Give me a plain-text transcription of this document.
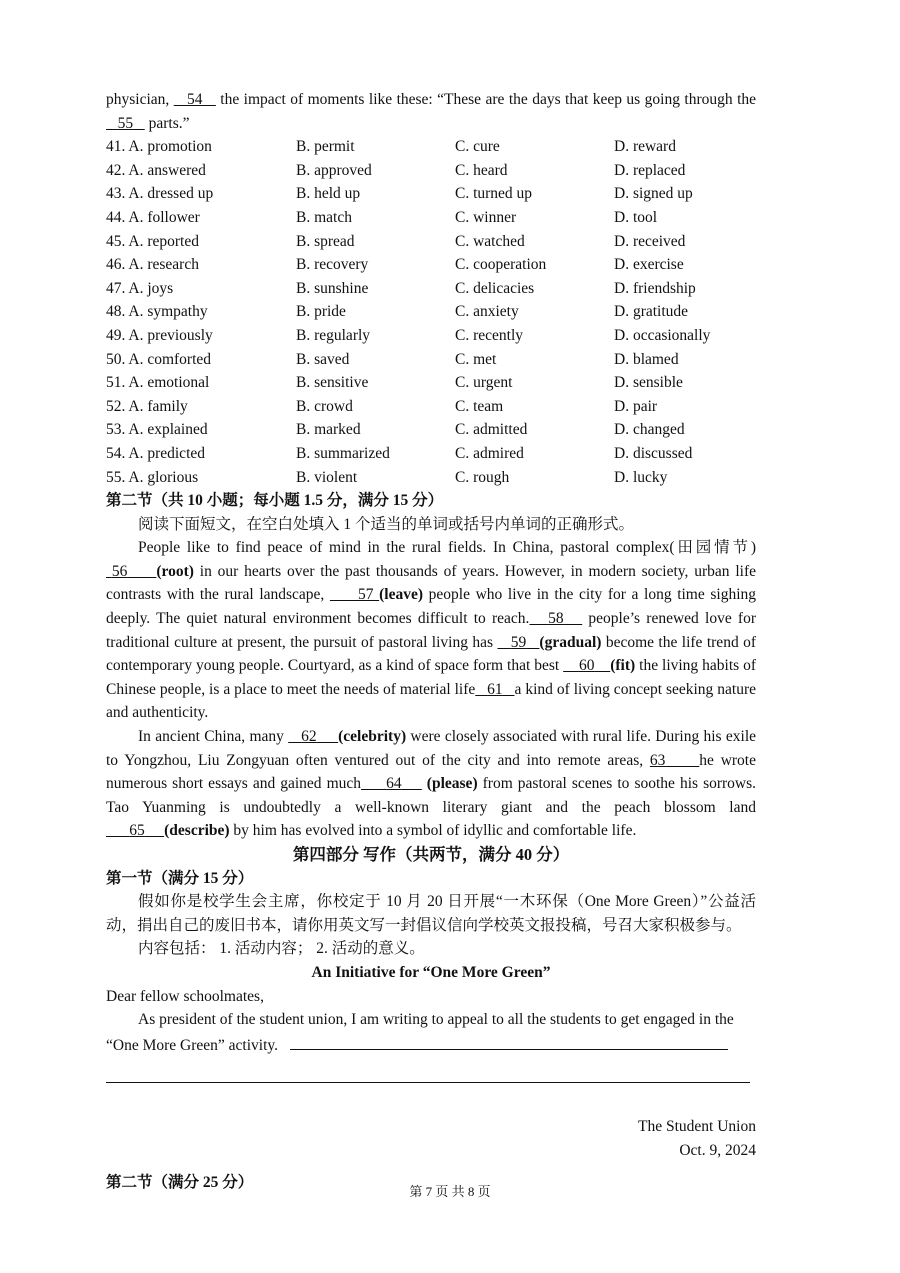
physician,    54    the impact of moments like these: “These are the days that keep us going through the    55    parts.”

41. A. promotion	B. permit	C. cure	D. reward
42. A. answered	B. approved	C. heard	D. replaced
43. A. dressed up	B. held up	C. turned up	D. signed up
44. A. follower	B. match	C. winner	D. tool
45. A. reported	B. spread	C. watched	D. received
46. A. research	B. recovery	C. cooperation	D. exercise
47. A. joys	B. sunshine	C. delicacies	D. friendship
48. A. sympathy	B. pride	C. anxiety	D. gratitude
49. A. previously	B. regularly	C. recently	D. occasionally
50. A. comforted	B. saved	C. met	D. blamed
51. A. emotional	B. sensitive	C. urgent	D. sensible
52. A. family	B. crowd	C. team	D. pair
53. A. explained	B. marked	C. admitted	D. changed
54. A. predicted	B. summarized	C. admired	D. discussed
55. A. glorious	B. violent	C. rough	D. lucky

第二节（共 10 小题；每小题 1.5 分，满分 15 分）

阅读下面短文，在空白处填入 1 个适当的单词或括号内单词的正确形式。

People like to find peace of mind in the rural fields. In China, pastoral complex(田园情节)  56 (root) in our hearts over the past thousands of years. However, in modern society, urban life contrasts with the rural landscape,      57 (leave) people who live in the city for a long time sighing deeply. The quiet natural environment becomes difficult to reach. 58    people’s renewed love for traditional culture at present, the pursuit of pastoral living has    59 (gradual) become the life trend of contemporary young people. Courtyard, as a kind of space form that best     60 (fit) the living habits of Chinese people, is a place to meet the needs of material life 61 a kind of living concept seeking nature and authenticity.

In ancient China, many    62 (celebrity) were closely associated with rural life. During his exile to Yongzhou, Liu Zongyuan often ventured out of the city and into remote areas, 63 he wrote numerous short essays and gained much 64     (please) from pastoral scenes to soothe his sorrows. Tao Yuanming is undoubtedly a well-known literary giant and the peach blossom land       65 (describe) by him has evolved into a symbol of idyllic and comfortable life.

第四部分 写作（共两节，满分 40 分）

第一节（满分 15 分）

假如你是校学生会主席，你校定于 10 月 20 日开展“一木环保（One More Green）”公益活动，捐出自己的废旧书本，请你用英文写一封倡议信向学校英文报投稿，号召大家积极参与。

内容包括： 1. 活动内容； 2. 活动的意义。

An Initiative for “One More Green”

Dear fellow schoolmates,

As president of the student union, I am writing to appeal to all the students to get engaged in the

“One More Green” activity.

The Student Union

Oct. 9, 2024

第二节（满分 25 分）

第 7 页 共 8 页
